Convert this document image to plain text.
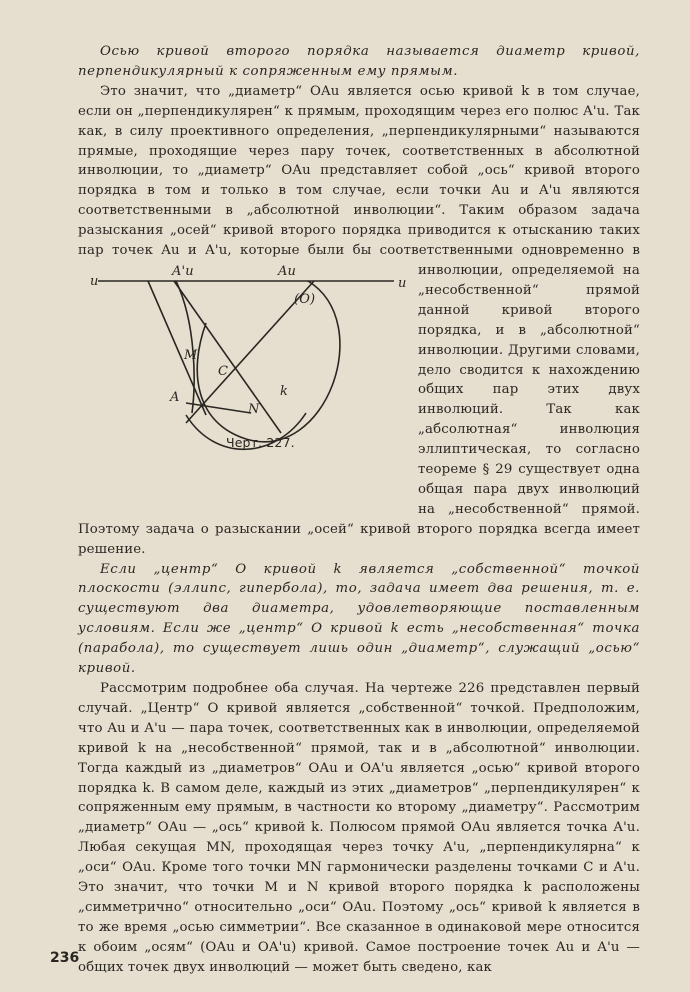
Осью кривой второго порядка называется диаметр кривой, перпендикулярный к сопряженным ему прямым.

Это значит, что „диаметр“ OAu является осью кривой k в том случае, если он „перпендикулярен“ к прямым, проходящим через его полюс A'u. Так как, в силу проективного определения, „перпендикулярными“ называются прямые, проходящие через пару точек, соответственных в абсолютной инволюции, то „диаметр“ OAu представляет собой „ось“ кривой второго порядка в том и только в том случае, если точки Au и A'u являются соответственными в „абсолютной инволюции“. Таким образом задача разыскания „осей“ кривой второго порядка приводится к отысканию таких пар точек Au и A'u, которые были бы соответственными одновременно
u
A'u	Au
(O)
u
M
C
A
N
k
Черт. 227.
в инволюции, определяемой на „несобственной“ прямой данной кривой второго порядка, и в „абсолютной“ инволюции. Другими словами, дело сводится к нахождению общих пар этих двух инволюций. Так как „абсолютная“ инволюция эллиптическая, то согласно теореме § 29 существует одна общая пара двух инволюций на „несобственной“ прямой. Поэтому задача о разыскании „осей“ кривой второго порядка всегда имеет решение.

Если „центр“ O кривой k является „собственной“ точкой плоскости (эллипс, гипербола), то, задача имеет два решения, т. е. существуют два диаметра, удовлетворяющие поставленным условиям. Если же „центр“ O кривой k есть „несобственная“ точка (парабола), то существует лишь один „диаметр“, служащий „осью“ кривой.

Рассмотрим подробнее оба случая. На чертеже 226 представлен первый случай. „Центр“ O кривой является „собственной“ точкой. Предположим, что Au и A'u — пара точек, соответственных как в инволюции, определяемой кривой k на „несобственной“ прямой, так и в „абсолютной“ инволюции. Тогда каждый из „диаметров“ OAu и OA'u является „осью“ кривой второго порядка k. В самом деле, каждый из этих „диаметров“ „перпендикулярен“ к сопряженным ему прямым, в частности ко второму „диаметру“. Рассмотрим „диаметр“ OAu — „ось“ кривой k. Полюсом прямой OAu является точка A'u. Любая секущая MN, проходящая через точку A'u, „перпендикулярна“ к „оси“ OAu. Кроме того точки MN гармонически разделены точками C и A'u. Это значит, что точки M и N кривой второго порядка k расположены „симметрично“ относительно „оси“ OAu. Поэтому „ось“ кривой k является в то же время „осью симметрии“. Все сказанное в одинаковой мере относится к обоим „осям“ (OAu и OA'u) кривой. Самое построение точек Au и A'u — общих точек двух инволюций — может быть сведено, как

236
